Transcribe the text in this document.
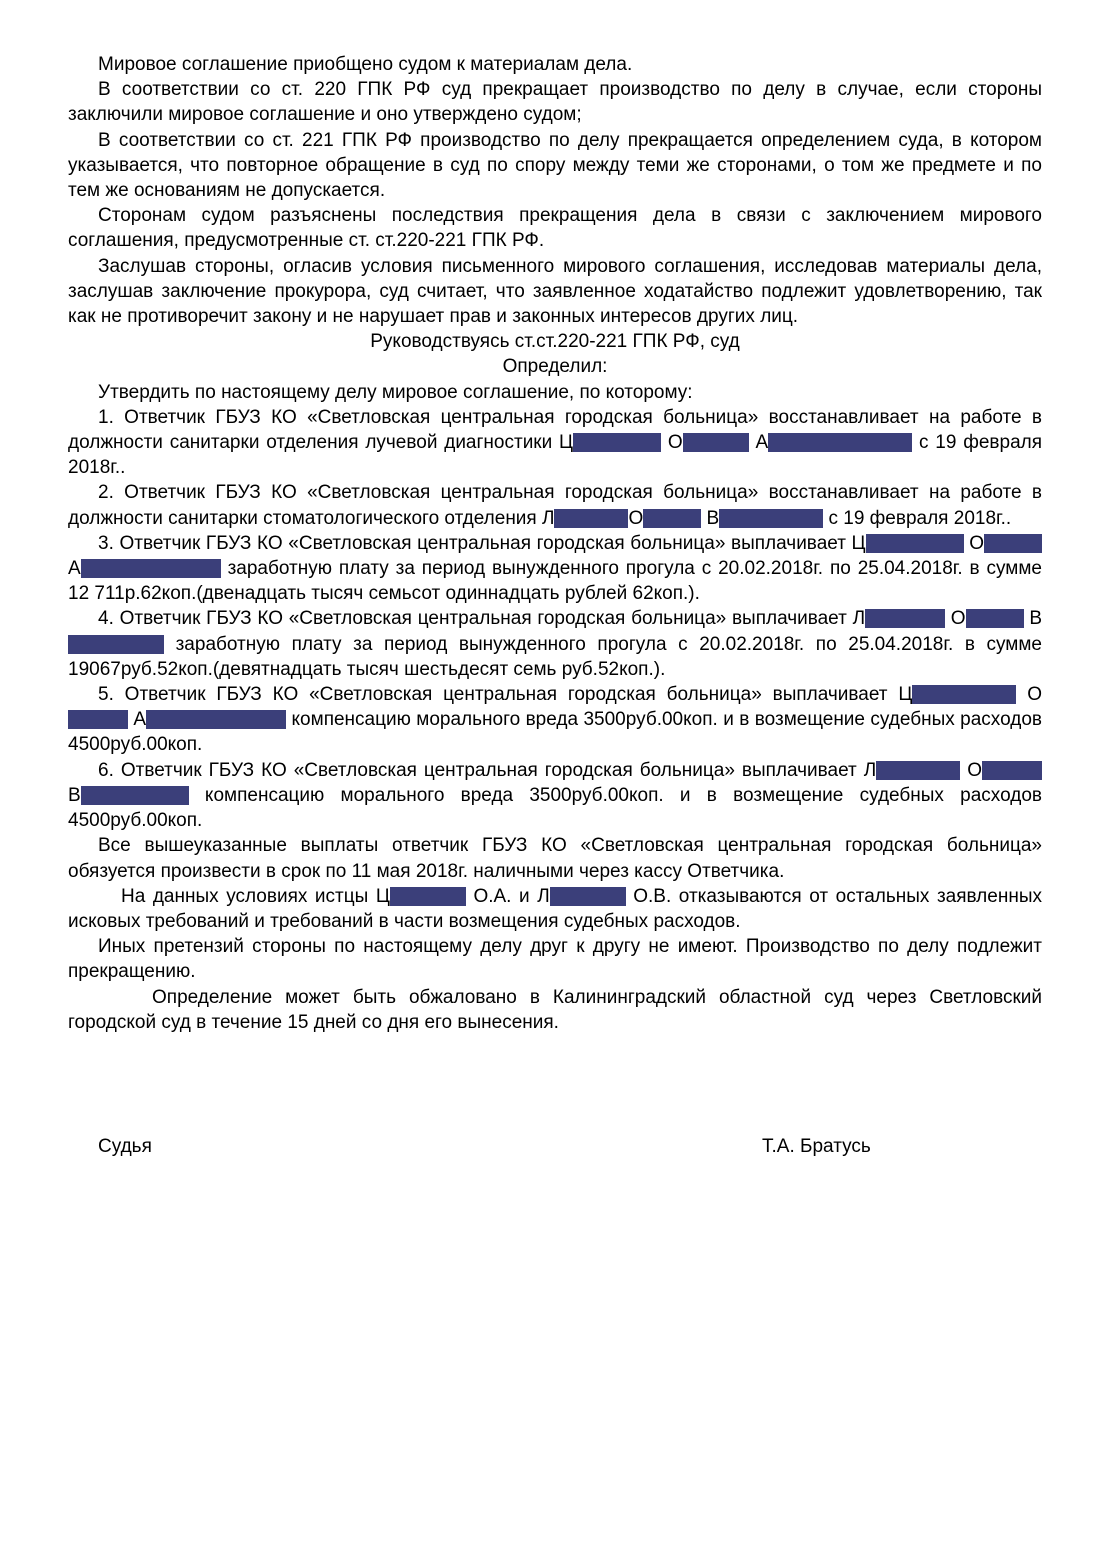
Мировое соглашение приобщено судом к материалам дела.

В соответствии со ст. 220 ГПК РФ суд прекращает производство по делу в случае, если стороны заключили мировое соглашение и оно утверждено судом;

В соответствии со ст. 221 ГПК РФ производство по делу прекращается определением суда, в котором указывается, что повторное обращение в суд по спору между теми же сторонами, о том же предмете и по тем же основаниям не допускается.

Сторонам судом разъяснены последствия прекращения дела в связи с заключением мирового соглашения, предусмотренные ст. ст.220-221 ГПК РФ.

Заслушав стороны, огласив условия письменного мирового соглашения, исследовав материалы дела, заслушав заключение прокурора, суд считает, что заявленное ходатайство подлежит удовлетворению, так как не противоречит закону и не нарушает прав и законных интересов других лиц.

Руководствуясь ст.ст.220-221 ГПК РФ, суд

Определил:

Утвердить по настоящему делу мировое соглашение, по которому:

1. Ответчик ГБУЗ КО «Светловская центральная городская больница» восстанавливает на работе в должности санитарки отделения лучевой диагностики Ц	О	А	с 19 февраля 2018г..

2. Ответчик ГБУЗ КО «Светловская центральная городская больница» восстанавливает на работе в должности санитарки стоматологического отделения Л	О	В	с 19 февраля 2018г..

3. Ответчик ГБУЗ КО «Светловская центральная городская больница» выплачивает Ц	О А	заработную плату за период вынужденного прогула с 20.02.2018г. по 25.04.2018г. в сумме 12 711р.62коп.(двенадцать тысяч семьсот одиннадцать рублей 62коп.).

4. Ответчик ГБУЗ КО «Светловская центральная городская больница» выплачивает Л	О	В заработную плату за период вынужденного прогула с 20.02.2018г. по 25.04.2018г. в сумме 19067руб.52коп.(девятнадцать тысяч шестьдесят семь руб.52коп.).

5. Ответчик ГБУЗ КО «Светловская центральная городская больница» выплачивает Ц	О А	компенсацию морального вреда 3500руб.00коп. и в возмещение судебных расходов 4500руб.00коп.

6. Ответчик ГБУЗ КО «Светловская центральная городская больница» выплачивает Л	О В	компенсацию морального вреда 3500руб.00коп. и в возмещение судебных расходов 4500руб.00коп.

Все вышеуказанные выплаты ответчик ГБУЗ КО «Светловская центральная городская больница» обязуется произвести в срок по 11 мая 2018г. наличными через кассу Ответчика.

На данных условиях истцы Ц	О.А. и Л	О.В. отказываются от остальных заявленных исковых требований и требований в части возмещения судебных расходов.

Иных претензий стороны по настоящему делу друг к другу не имеют. Производство по делу подлежит прекращению.

Определение может быть обжаловано в Калининградский областной суд через Светловский городской суд в течение 15 дней со дня его вынесения.

Судья	Т.А. Братусь
